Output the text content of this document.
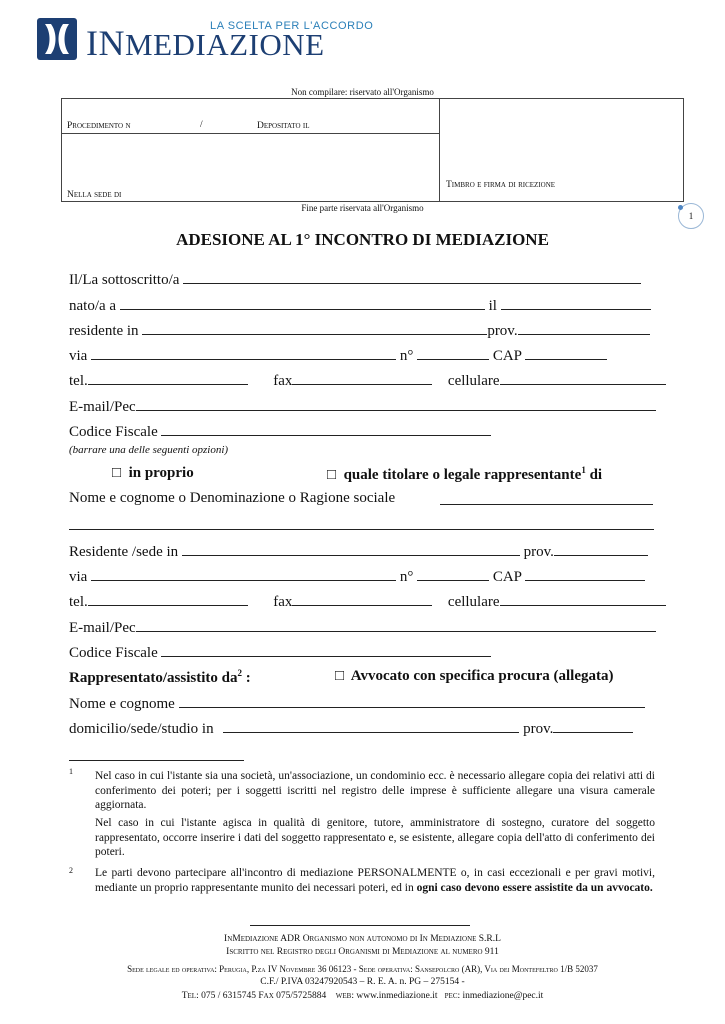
LA SCELTA PER L'ACCORDO
INMEDIAZIONE
Non compilare: riservato all'Organismo
Procedimento n	/	Depositato il
Nella sede di
Timbro e firma di ricezione
Fine parte riservata all'Organismo
1
ADESIONE AL 1° INCONTRO DI MEDIAZIONE
Il/La sottoscritto/a
nato/a a	il
residente in	prov.
via	n°	CAP
tel.	fax	cellulare
E-mail/Pec
Codice Fiscale
(barrare una delle seguenti opzioni)
□ in proprio	□ quale titolare o legale rappresentante$^1$ di
Nome e cognome o Denominazione o Ragione sociale
Residente /sede in	prov.
via	n°	CAP
tel.	fax	cellulare
E-mail/Pec
Codice Fiscale
Rappresentato/assistito $da^2$ :	□ Avvocato con specifica procura (allegata)
Nome e cognome
domicilio/sede/studio in	prov.
1 Nel caso in cui l'istante sia una società, un'associazione, un condominio ecc. è necessario allegare copia dei relativi atti di conferimento dei poteri; per i soggetti iscritti nel registro delle imprese è sufficiente allegare una visura camerale aggiornata.
Nel caso in cui l'istante agisca in qualità di genitore, tutore, amministratore di sostegno, curatore del soggetto rappresentato, occorre inserire i dati del soggetto rappresentato e, se esistente, allegare copia dell'atto di conferimento dei poteri.
2 Le parti devono partecipare all'incontro di mediazione PERSONALMENTE o, in casi eccezionali e per gravi motivi, mediante un proprio rappresentante munito dei necessari poteri, ed in ogni caso devono essere assistite da un avvocato.
InMediazione ADR Organismo non autonomo di In Mediazione S.R.L
Iscritto nel Registro degli Organismi di Mediazione al numero 911
Sede legale ed operativa: Perugia, P.za IV Novembre 36 06123 - Sede operativa: Sansepolcro (AR), Via dei Montefeltro 1/B 52037
C.F./ P.IVA 03247920543 – R. E. A. n. PG – 275154 -
Tel: 075 / 6315745 Fax 075/5725884 web: www.inmediazione.it pec: inmediazione@pec.it
